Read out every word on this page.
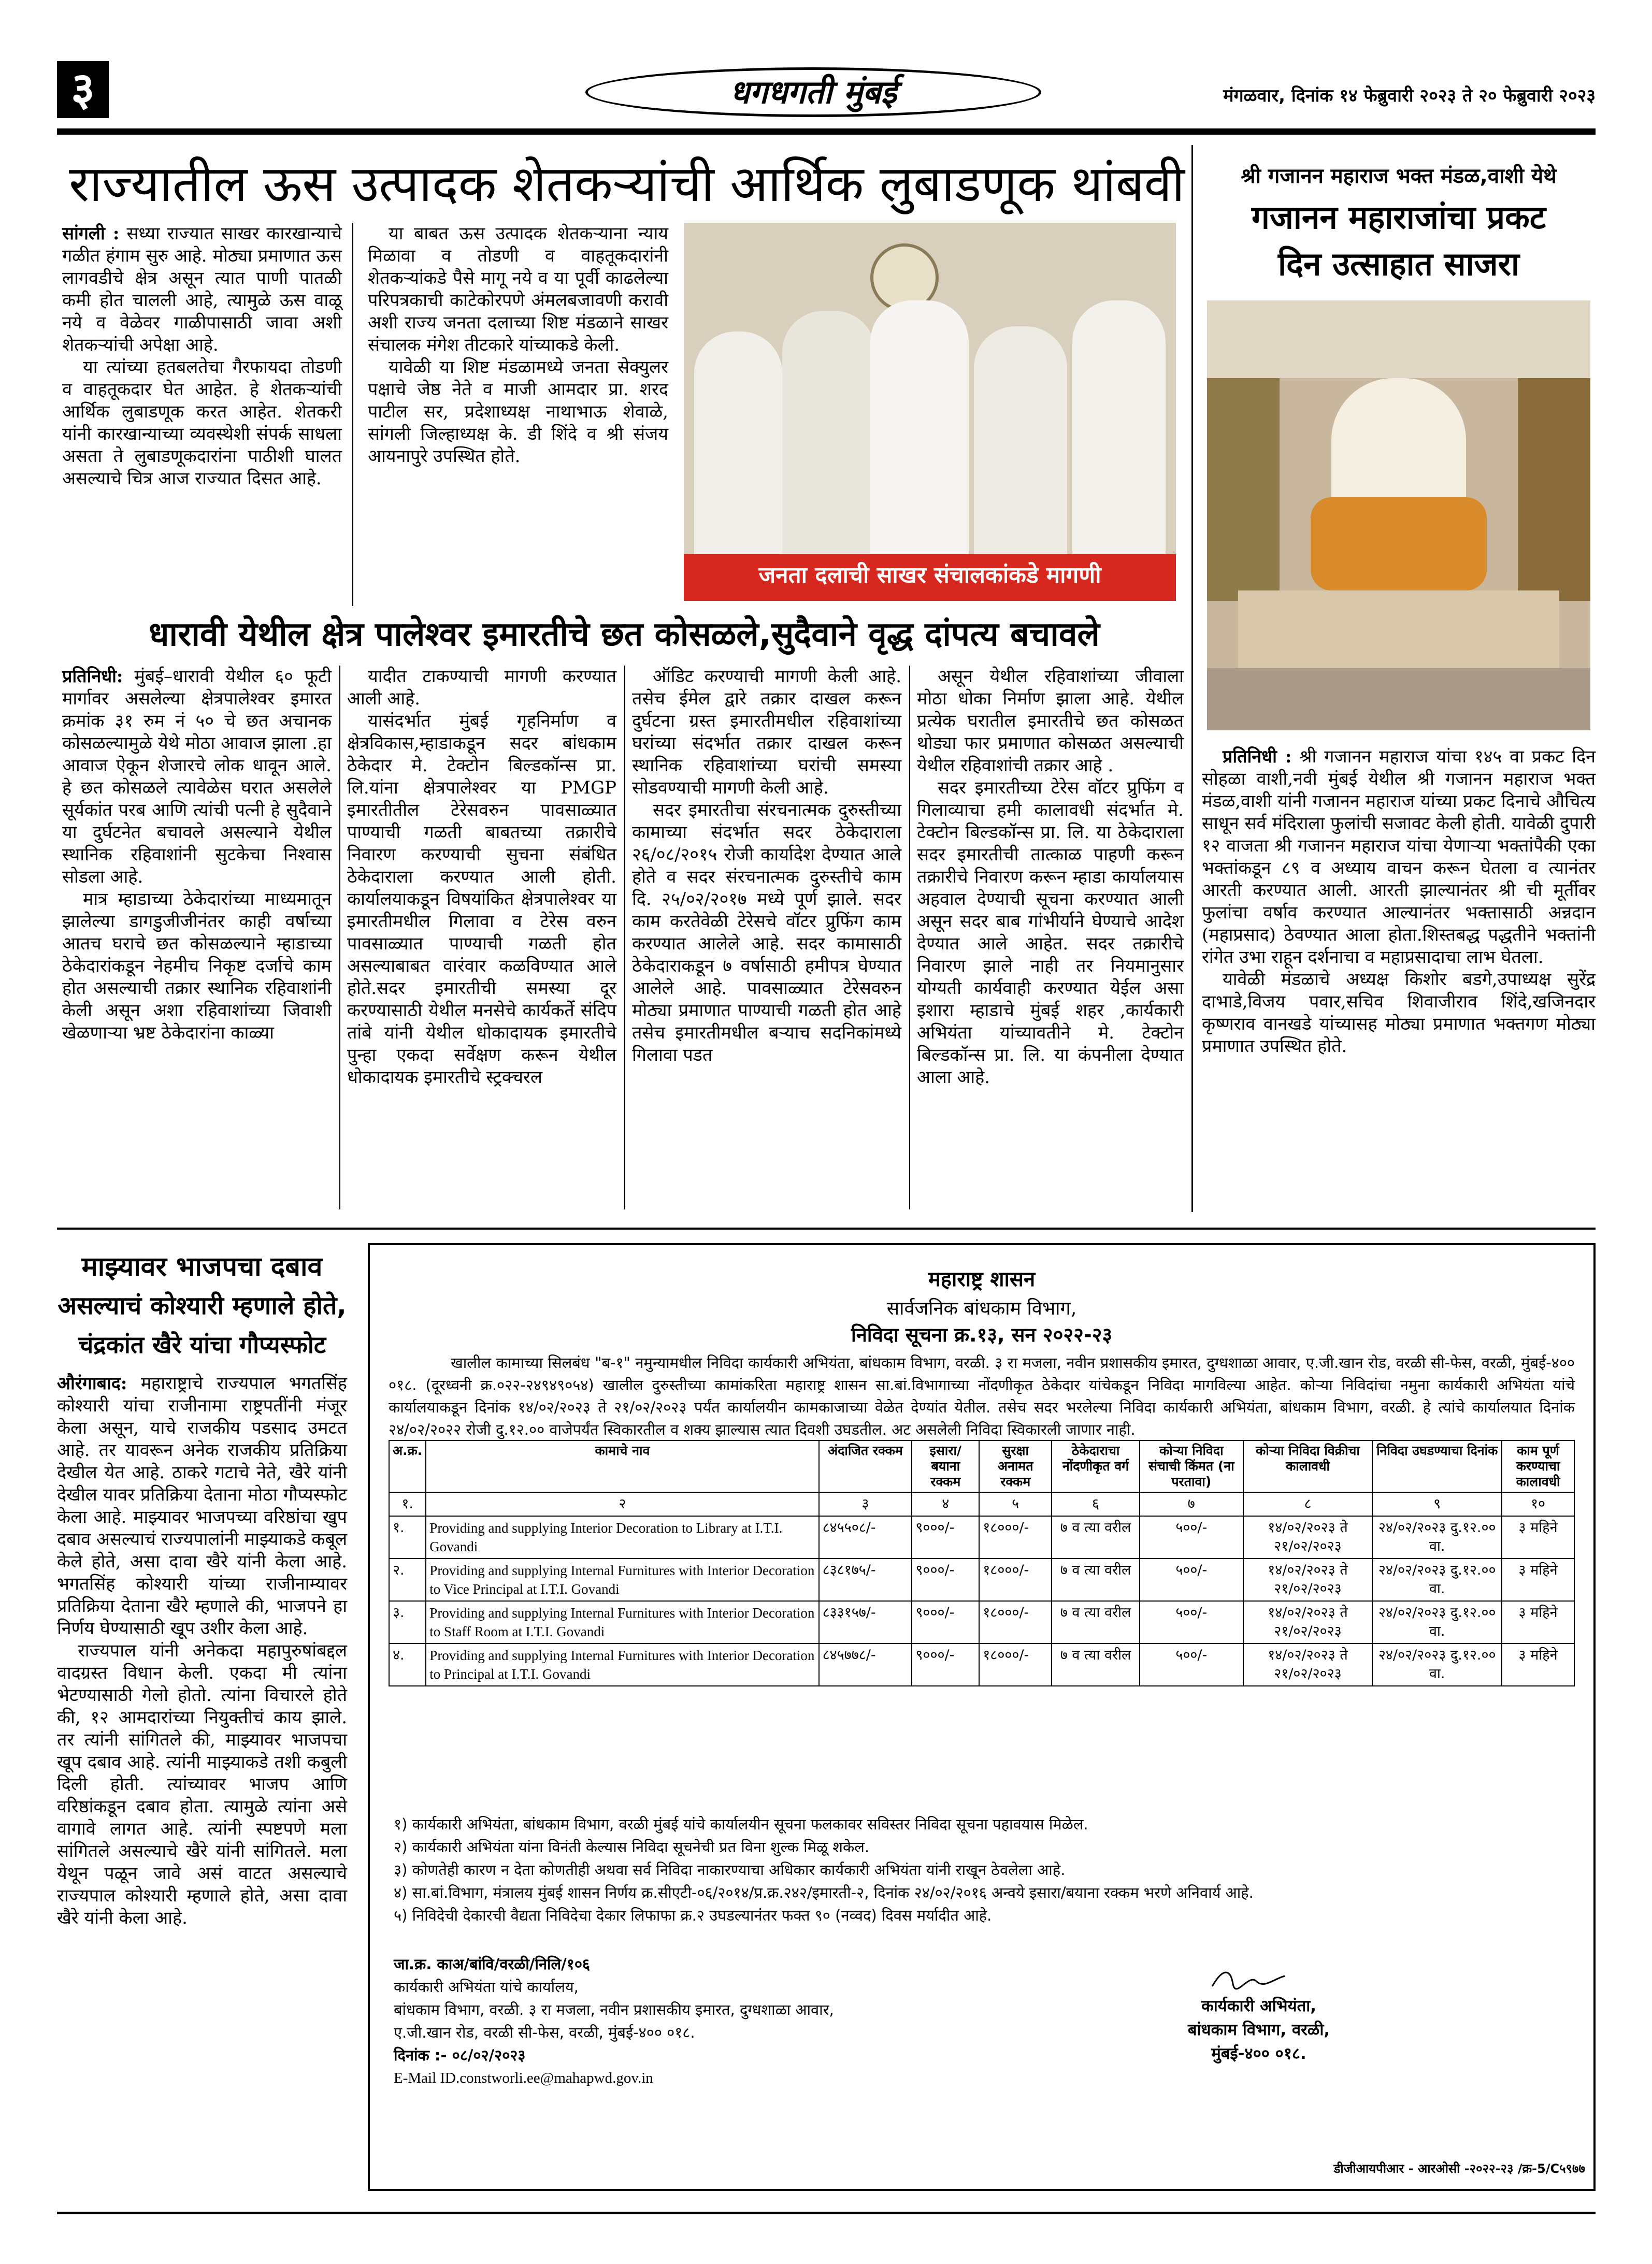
३	धगधगती मुंबई	मंगळवार, दिनांक १४ फेब्रुवारी २०२३ ते २० फेब्रुवारी २०२३
राज्यातील ऊस उत्पादक शेतकऱ्यांची आर्थिक लुबाडणूक थांबवी

सांगली : सध्या राज्यात साखर कारखान्याचे गळीत हंगाम सुरु आहे. मोठ्या प्रमाणात ऊस लागवडीचे क्षेत्र असून त्यात पाणी पातळी कमी होत चालली आहे, त्यामुळे ऊस वाळू नये व वेळेवर गाळीपासाठी जावा अशी शेतकऱ्यांची अपेक्षा आहे.

या त्यांच्या हतबलतेचा गैरफायदा तोडणी व वाहतूकदार घेत आहेत. हे शेतकऱ्यांची आर्थिक लुबाडणूक करत आहेत. शेतकरी यांनी कारखान्याच्या व्यवस्थेशी संपर्क साधला असता ते लुबाडणूकदारांना पाठीशी घालत असल्याचे चित्र आज राज्यात दिसत आहे.

या बाबत ऊस उत्पादक शेतकऱ्याना न्याय मिळावा व तोडणी व वाहतूकदारांनी शेतकऱ्यांकडे पैसे मागू नये व या पूर्वी काढलेल्या परिपत्रकाची काटेकोरपणे अंमलबजावणी करावी अशी राज्य जनता दलाच्या शिष्ट मंडळाने साखर संचालक मंगेश तीटकारे यांच्याकडे केली.

यावेळी या शिष्ट मंडळामध्ये जनता सेक्युलर पक्षाचे जेष्ठ नेते व माजी आमदार प्रा. शरद पाटील सर, प्रदेशाध्यक्ष नाथाभाऊ शेवाळे, सांगली जिल्हाध्यक्ष के. डी शिंदे व श्री संजय आयनापुरे उपस्थित होते.

जनता दलाची साखर संचालकांकडे मागणी
श्री गजानन महाराज भक्त मंडळ,वाशी येथे
गजानन महाराजांचा प्रकट
दिन उत्साहात साजरा

प्रतिनिधी : श्री गजानन महाराज यांचा १४५ वा प्रकट दिन सोहळा वाशी,नवी मुंबई येथील श्री गजानन महाराज भक्त मंडळ,वाशी यांनी गजानन महाराज यांच्या प्रकट दिनाचे औचित्य साधून सर्व मंदिराला फुलांची सजावट केली होती. यावेळी दुपारी १२ वाजता श्री गजानन महाराज यांचा येणाऱ्या भक्तांपैकी एका भक्तांकडून ८९ व अध्याय वाचन करून घेतला व त्यानंतर आरती करण्यात आली. आरती झाल्यानंतर श्री ची मूर्तीवर फुलांचा वर्षाव करण्यात आल्यानंतर भक्तासाठी अन्नदान (महाप्रसाद) ठेवण्यात आला होता.शिस्तबद्ध पद्धतीने भक्तांनी रांगेत उभा राहून दर्शनाचा व महाप्रसादाचा लाभ घेतला.

यावेळी मंडळाचे अध्यक्ष किशोर बडगे,उपाध्यक्ष सुरेंद्र दाभाडे,विजय पवार,सचिव शिवाजीराव शिंदे,खजिनदार कृष्णराव वानखडे यांच्यासह मोठ्या प्रमाणात भक्तगण मोठ्या प्रमाणात उपस्थित होते.

धारावी येथील क्षेत्र पालेश्वर इमारतीचे छत कोसळले,सुदैवाने वृद्ध दांपत्य बचावले

प्रतिनिधी: मुंबई–धारावी येथील ६० फूटी मार्गावर असलेल्या क्षेत्रपालेश्वर इमारत क्रमांक ३१ रुम नं ५० चे छत अचानक कोसळल्यामुळे येथे मोठा आवाज झाला .हा आवाज ऐकून शेजारचे लोक धावून आले. हे छत कोसळले त्यावेळेस घरात असलेले सूर्यकांत परब आणि त्यांची पत्नी हे सुदैवाने या दुर्घटनेत बचावले असल्याने येथील स्थानिक रहिवाशांनी सुटकेचा निश्वास सोडला आहे.

मात्र म्हाडाच्या ठेकेदारांच्या माध्यमातून झालेल्या डागडुजीजीनंतर काही वर्षाच्या आतच घराचे छत कोसळल्याने म्हाडाच्या ठेकेदारांकडून नेहमीच निकृष्ट दर्जाचे काम होत असल्याची तक्रार स्थानिक रहिवाशांनी केली असून अशा रहिवाशांच्या जिवाशी खेळणाऱ्या भ्रष्ट ठेकेदारांना काळ्या

यादीत टाकण्याची मागणी करण्यात आली आहे.

यासंदर्भात मुंबई गृहनिर्माण व क्षेत्रविकास,म्हाडाकडून सदर बांधकाम ठेकेदार मे. टेक्टोन बिल्डकॉन्स प्रा. लि.यांना क्षेत्रपालेश्वर या PMGP इमारतीतील टेरेसवरुन पावसाळ्यात पाण्याची गळती बाबतच्या तक्रारीचे निवारण करण्याची सुचना संबंधित ठेकेदाराला करण्यात आली होती. कार्यालयाकडून विषयांकित क्षेत्रपालेश्वर या इमारतीमधील गिलावा व टेरेस वरुन पावसाळ्यात पाण्याची गळती होत असल्याबाबत वारंवार कळविण्यात आले होते.सदर इमारतीची समस्या दूर करण्यासाठी येथील मनसेचे कार्यकर्ते संदिप तांबे यांनी येथील धोकादायक इमारतीचे पुन्हा एकदा सर्वेक्षण करून येथील धोकादायक इमारतीचे स्ट्रक्चरल

ऑडिट करण्याची मागणी केली आहे. तसेच ईमेल द्वारे तक्रार दाखल करून दुर्घटना ग्रस्त इमारतीमधील रहिवाशांच्या घरांच्या संदर्भात तक्रार दाखल करून स्थानिक रहिवाशांच्या घरांची समस्या सोडवण्याची मागणी केली आहे.

सदर इमारतीचा संरचनात्मक दुरुस्तीच्या कामाच्या संदर्भात सदर ठेकेदाराला २६/०८/२०१५ रोजी कार्यादेश देण्यात आले होते व सदर संरचनात्मक दुरुस्तीचे काम दि. २५/०२/२०१७ मध्ये पूर्ण झाले. सदर काम करतेवेळी टेरेसचे वॉटर प्रुफिंग काम करण्यात आलेले आहे. सदर कामासाठी ठेकेदाराकडून ७ वर्षासाठी हमीपत्र घेण्यात आलेले आहे. पावसाळ्यात टेरेसवरुन मोठ्या प्रमाणात पाण्याची गळती होत आहे तसेच इमारतीमधील बऱ्याच सदनिकांमध्ये गिलावा पडत

असून येथील रहिवाशांच्या जीवाला मोठा धोका निर्माण झाला आहे. येथील प्रत्येक घरातील इमारतीचे छत कोसळत थोड्या फार प्रमाणात कोसळत असल्याची येथील रहिवाशांची तक्रार आहे .

सदर इमारतीच्या टेरेस वॉटर प्रुफिंग व गिलाव्याचा हमी कालावधी संदर्भात मे. टेक्टोन बिल्डकॉन्स प्रा. लि. या ठेकेदाराला सदर इमारतीची तात्काळ पाहणी करून तक्रारीचे निवारण करून म्हाडा कार्यालयास अहवाल देण्याची सूचना करण्यात आली असून सदर बाब गांभीर्याने घेण्याचे आदेश देण्यात आले आहेत. सदर तक्रारीचे निवारण झाले नाही तर नियमानुसार योग्यती कार्यवाही करण्यात येईल असा इशारा म्हाडाचे मुंबई शहर ,कार्यकारी अभियंता यांच्यावतीने मे. टेक्टोन बिल्डकॉन्स प्रा. लि. या कंपनीला देण्यात आला आहे.

माझ्यावर भाजपचा दबाव
असल्याचं कोश्यारी म्हणाले होते,
चंद्रकांत खैरे यांचा गौप्यस्फोट

औरंगाबाद: महाराष्ट्राचे राज्यपाल भगतसिंह कोश्यारी यांचा राजीनामा राष्ट्रपतींनी मंजूर केला असून, याचे राजकीय पडसाद उमटत आहे. तर यावरून अनेक राजकीय प्रतिक्रिया देखील येत आहे. ठाकरे गटाचे नेते, खैरे यांनी देखील यावर प्रतिक्रिया देताना मोठा गौप्यस्फोट केला आहे. माझ्यावर भाजपच्या वरिष्ठांचा खुप दबाव असल्याचं राज्यपालांनी माझ्याकडे कबूल केले होते, असा दावा खैरे यांनी केला आहे. भगतसिंह कोश्यारी यांच्या राजीनाम्यावर प्रतिक्रिया देताना खैरे म्हणाले की, भाजपने हा निर्णय घेण्यासाठी खूप उशीर केला आहे.

राज्यपाल यांनी अनेकदा महापुरुषांबद्दल वादग्रस्त विधान केली. एकदा मी त्यांना भेटण्यासाठी गेलो होतो. त्यांना विचारले होते की, १२ आमदारांच्या नियुक्तीचं काय झाले. तर त्यांनी सांगितले की, माझ्यावर भाजपचा खूप दबाव आहे. त्यांनी माझ्याकडे तशी कबुली दिली होती. त्यांच्यावर भाजप आणि वरिष्ठांकडून दबाव होता. त्यामुळे त्यांना असे वागावे लागत आहे. त्यांनी स्पष्टपणे मला सांगितले असल्याचे खैरे यांनी सांगितले. मला येथून पळून जावे असं वाटत असल्याचे राज्यपाल कोश्यारी म्हणाले होते, असा दावा खैरे यांनी केला आहे.

महाराष्ट्र शासन
सार्वजनिक बांधकाम विभाग,
निविदा सूचना क्र.१३, सन २०२२-२३
खालील कामाच्या सिलबंध "ब-१" नमुन्यामधील निविदा कार्यकारी अभियंता, बांधकाम विभाग, वरळी. ३ रा मजला, नवीन प्रशासकीय इमारत, दुग्धशाळा आवार, ए.जी.खान रोड, वरळी सी-फेस, वरळी, मुंबई-४०० ०१८. (दूरध्वनी क्र.०२२-२४९४९०५४) खालील दुरुस्तीच्या कामांकरिता महाराष्ट्र शासन सा.बां.विभागाच्या नोंदणीकृत ठेकेदार यांचेकडून निविदा मागविल्या आहेत. कोऱ्या निविदांचा नमुना कार्यकारी अभियंता यांचे कार्यालयाकडून दिनांक १४/०२/२०२३ ते २१/०२/२०२३ पर्यंत कार्यालयीन कामकाजाच्या वेळेत देण्यांत येतील. तसेच सदर भरलेल्या निविदा कार्यकारी अभियंता, बांधकाम विभाग, वरळी. हे त्यांचे कार्यालयात दिनांक २४/०२/२०२२ रोजी दु.१२.०० वाजेपर्यंत स्विकारतील व शक्य झाल्यास त्यात दिवशी उघडतील. अट असलेली निविदा स्विकारली जाणार नाही.
अ.क्र.	कामाचे नाव	अंदाजित रक्कम	इसारा/ बयाना रक्कम	सुरक्षा अनामत रक्कम	ठेकेदाराचा नोंदणीकृत वर्ग	कोऱ्या निविदा संचाची किंमत (ना परतावा)	कोऱ्या निविदा विक्रीचा कालावधी	निविदा उघडण्याचा दिनांक	काम पूर्ण करण्याचा कालावधी
१.	२	३	४	५	६	७	८	९	१०
१.	Providing and supplying Interior Decoration to Library at I.T.I. Govandi	८४५५०८/-	९०००/-	१८०००/-	७ व त्या वरील	५००/-	१४/०२/२०२३ ते २१/०२/२०२३	२४/०२/२०२३ दु.१२.०० वा.	३ महिने
२.	Providing and supplying Internal Furnitures with Interior Decoration to Vice Principal at I.T.I. Govandi	८३८१७५/-	९०००/-	१८०००/-	७ व त्या वरील	५००/-	१४/०२/२०२३ ते २१/०२/२०२३	२४/०२/२०२३ दु.१२.०० वा.	३ महिने
३.	Providing and supplying Internal Furnitures with Interior Decoration to Staff Room at I.T.I. Govandi	८३३१५७/-	९०००/-	१८०००/-	७ व त्या वरील	५००/-	१४/०२/२०२३ ते २१/०२/२०२३	२४/०२/२०२३ दु.१२.०० वा.	३ महिने
४.	Providing and supplying Internal Furnitures with Interior Decoration to Principal at I.T.I. Govandi	८४५७७८/-	९०००/-	१८०००/-	७ व त्या वरील	५००/-	१४/०२/२०२३ ते २१/०२/२०२३	२४/०२/२०२३ दु.१२.०० वा.	३ महिने
१) कार्यकारी अभियंता, बांधकाम विभाग, वरळी मुंबई यांचे कार्यालयीन सूचना फलकावर सविस्तर निविदा सूचना पहावयास मिळेल.
२) कार्यकारी अभियंता यांना विनंती केल्यास निविदा सूचनेची प्रत विना शुल्क मिळू शकेल.
३) कोणतेही कारण न देता कोणतीही अथवा सर्व निविदा नाकारण्याचा अधिकार कार्यकारी अभियंता यांनी राखून ठेवलेला आहे.
४) सा.बां.विभाग, मंत्रालय मुंबई शासन निर्णय क्र.सीएटी-०६/२०१४/प्र.क्र.२४२/इमारती-२, दिनांक २४/०२/२०१६ अन्वये इसारा/बयाना रक्कम भरणे अनिवार्य आहे.
५) निविदेची देकारची वैद्यता निविदेचा देकार लिफाफा क्र.२ उघडल्यानंतर फक्त ९० (नव्वद) दिवस मर्यादीत आहे.
जा.क्र. काअ/बांवि/वरळी/निलि/१०६
कार्यकारी अभियंता यांचे कार्यालय,
बांधकाम विभाग, वरळी. ३ रा मजला, नवीन प्रशासकीय इमारत, दुग्धशाळा आवार,
ए.जी.खान रोड, वरळी सी-फेस, वरळी, मुंबई-४०० ०१८.
दिनांक :- ०८/०२/२०२३
E-Mail ID.constworli.ee@mahapwd.gov.in
कार्यकारी अभियंता,
बांधकाम विभाग, वरळी,
मुंबई-४०० ०१८.
डीजीआयपीआर - आरओसी -२०२२-२३ /क्र-5/C५९७७
